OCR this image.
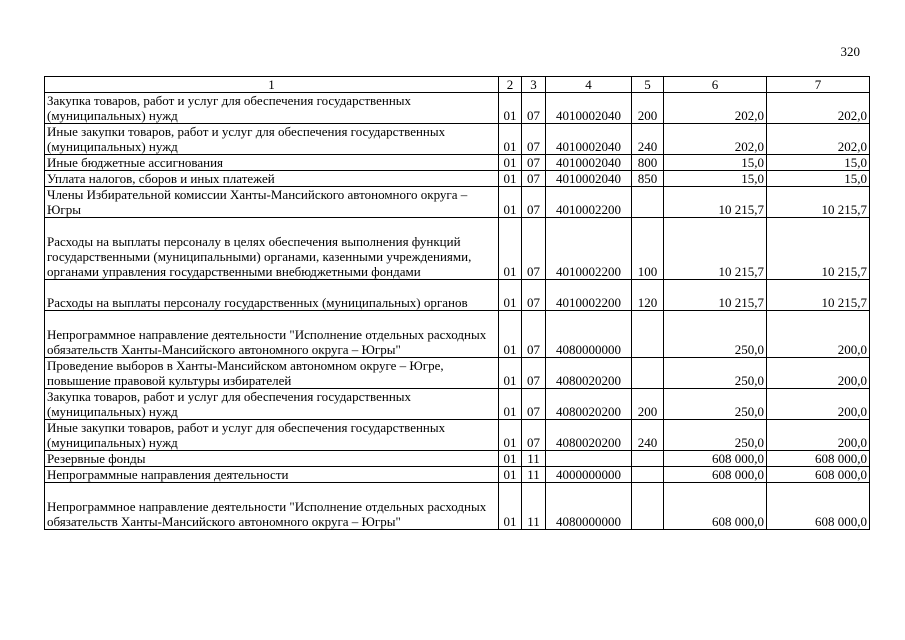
320
1	2	3	4	5	6	7
Закупка товаров, работ и услуг для обеспечения государственных (муниципальных) нужд	01	07	4010002040	200	202,0	202,0
Иные закупки товаров, работ и услуг для обеспечения государственных (муниципальных) нужд	01	07	4010002040	240	202,0	202,0
Иные бюджетные ассигнования	01	07	4010002040	800	15,0	15,0
Уплата налогов, сборов и иных платежей	01	07	4010002040	850	15,0	15,0
Члены Избирательной комиссии Ханты-Мансийского автономного округа – Югры	01	07	4010002200		10 215,7	10 215,7
Расходы на выплаты персоналу в целях обеспечения выполнения функций государственными (муниципальными) органами, казенными учреждениями, органами управления государственными внебюджетными фондами	01	07	4010002200	100	10 215,7	10 215,7
Расходы на выплаты персоналу государственных (муниципальных) органов	01	07	4010002200	120	10 215,7	10 215,7
Непрограммное направление деятельности "Исполнение отдельных расходных обязательств Ханты-Мансийского автономного округа – Югры"	01	07	4080000000		250,0	200,0
Проведение выборов в Ханты-Мансийском автономном округе – Югре, повышение правовой культуры избирателей	01	07	4080020200		250,0	200,0
Закупка товаров, работ и услуг для обеспечения государственных (муниципальных) нужд	01	07	4080020200	200	250,0	200,0
Иные закупки товаров, работ и услуг для обеспечения государственных (муниципальных) нужд	01	07	4080020200	240	250,0	200,0
Резервные фонды	01	11			608 000,0	608 000,0
Непрограммные направления деятельности	01	11	4000000000		608 000,0	608 000,0
Непрограммное направление деятельности "Исполнение отдельных расходных обязательств Ханты-Мансийского автономного округа – Югры"	01	11	4080000000		608 000,0	608 000,0
